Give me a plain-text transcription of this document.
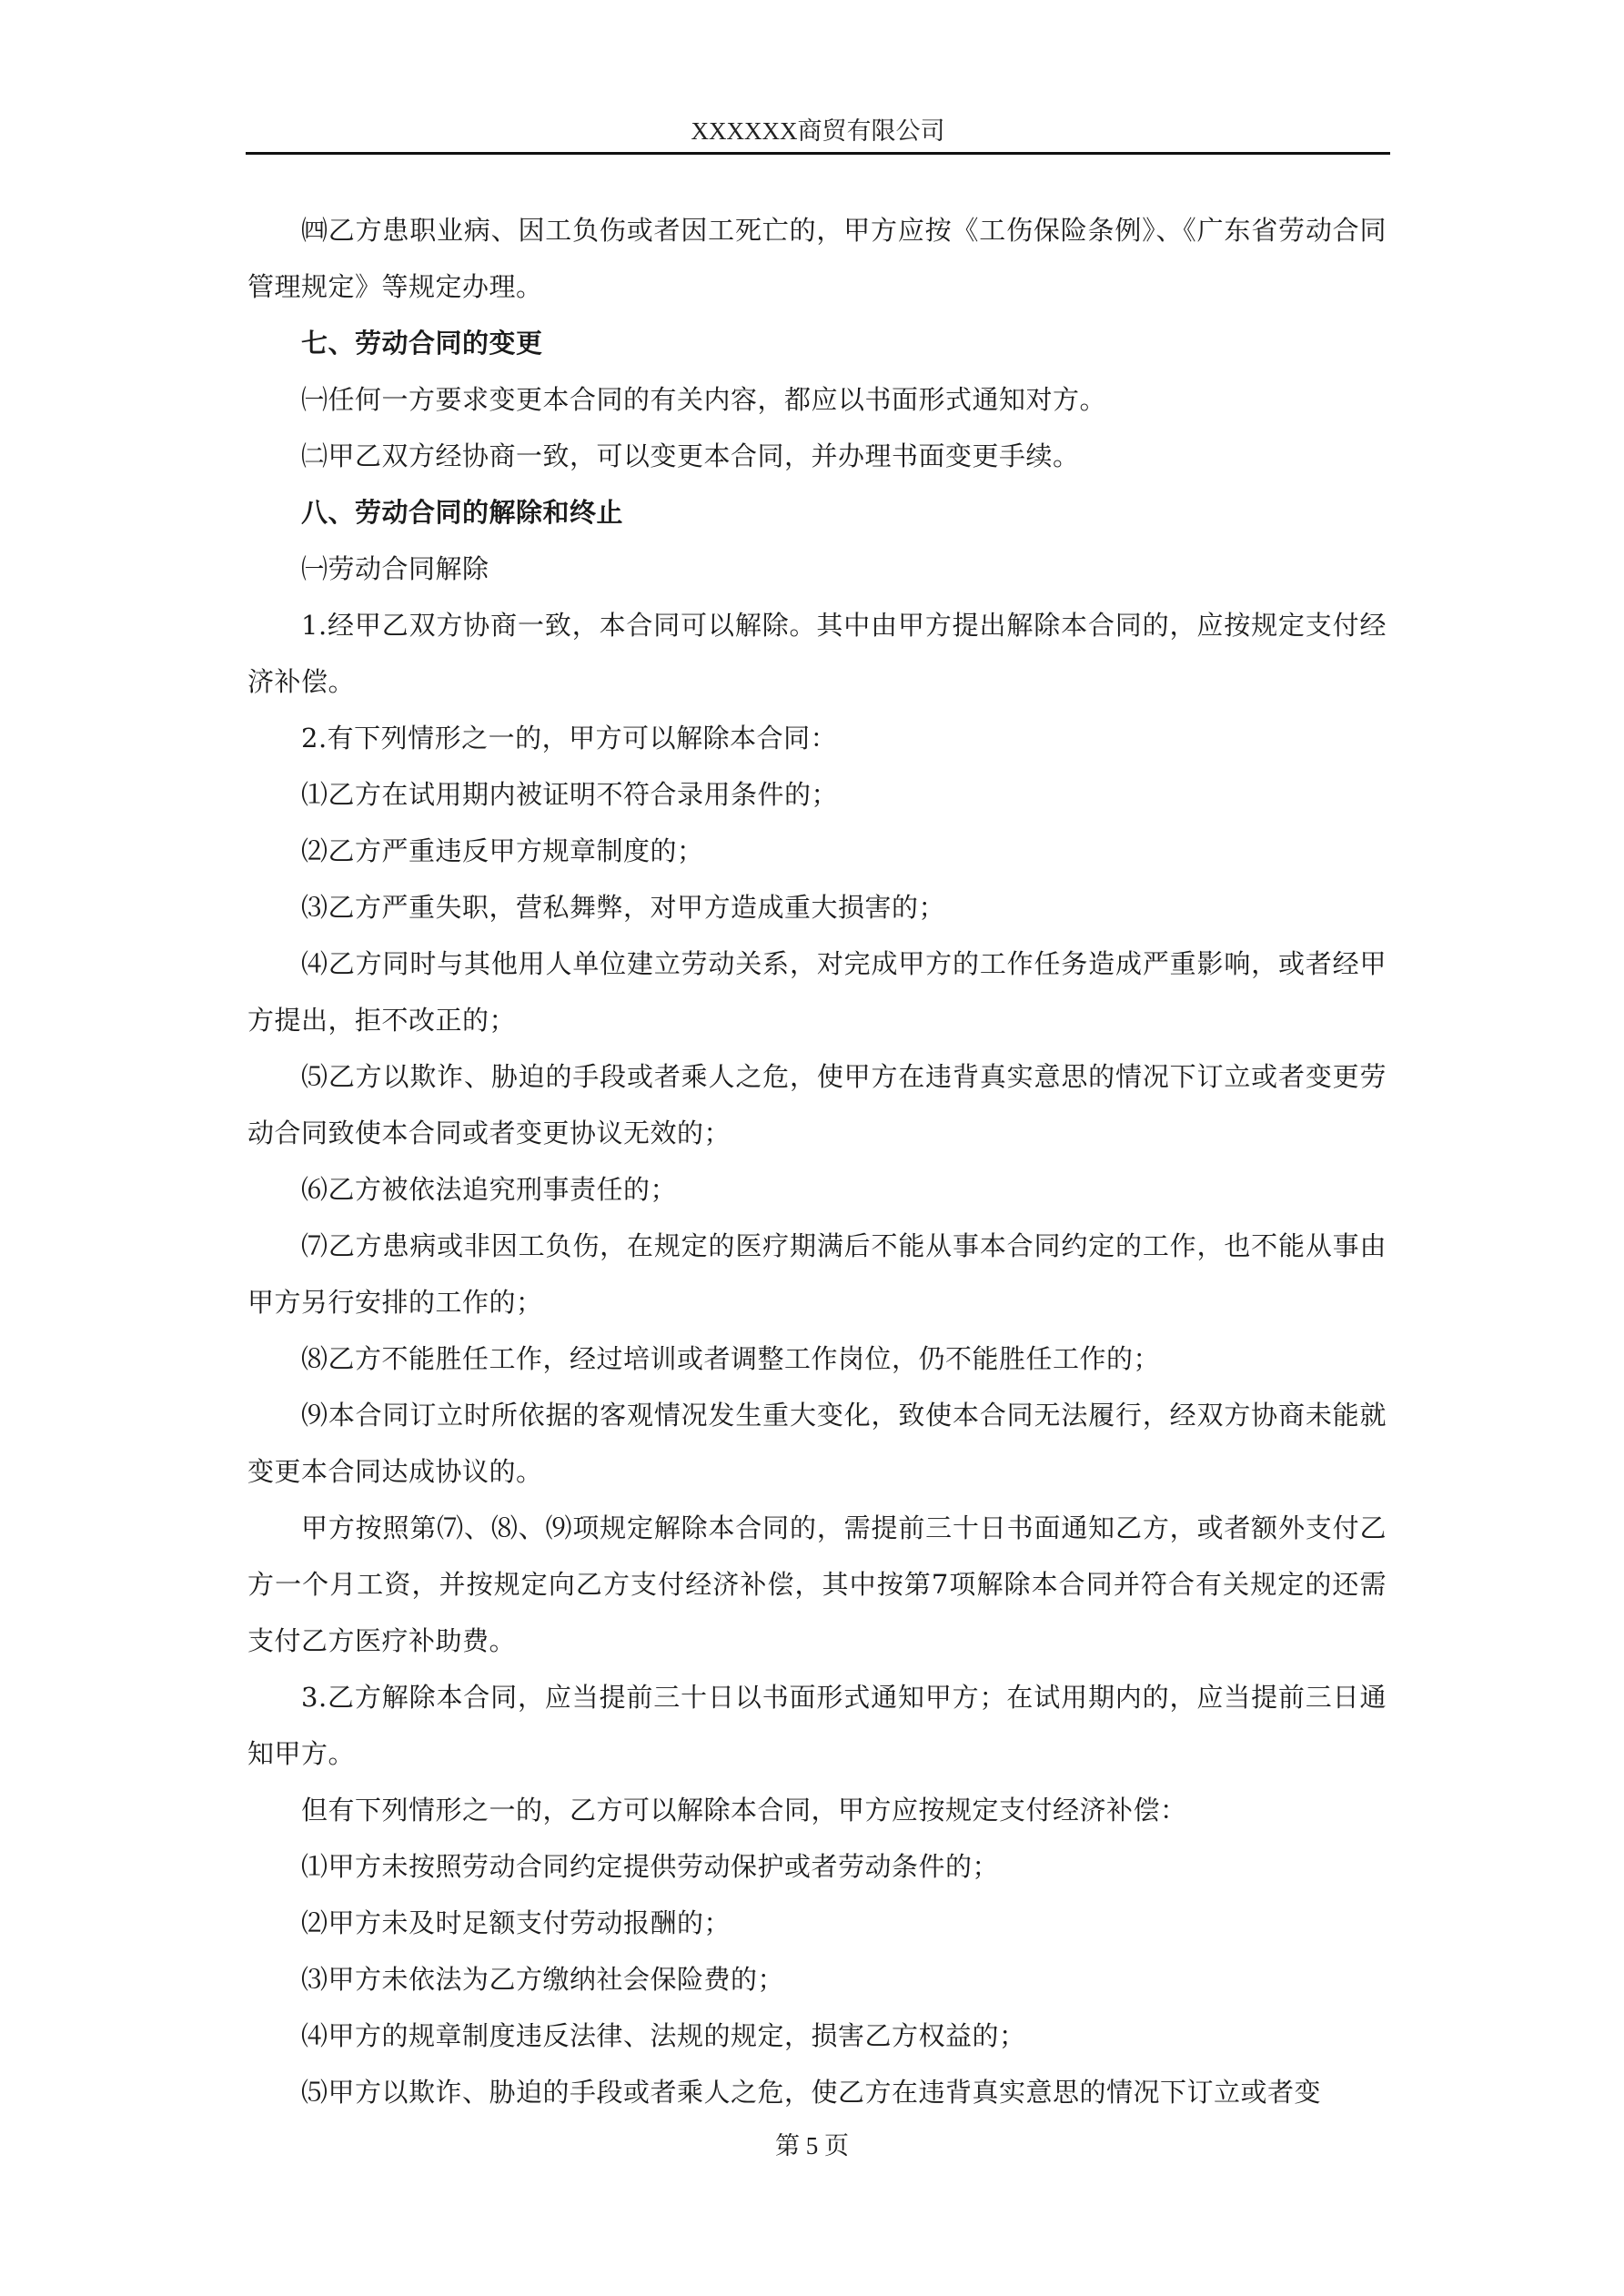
XXXXXX商贸有限公司

㈣乙方患职业病、因工负伤或者因工死亡的，甲方应按《工伤保险条例》、《广东省劳动合同管理规定》等规定办理。

七、劳动合同的变更

㈠任何一方要求变更本合同的有关内容，都应以书面形式通知对方。

㈡甲乙双方经协商一致，可以变更本合同，并办理书面变更手续。

八、劳动合同的解除和终止

㈠劳动合同解除

1.经甲乙双方协商一致，本合同可以解除。其中由甲方提出解除本合同的，应按规定支付经济补偿。

2.有下列情形之一的，甲方可以解除本合同：

⑴乙方在试用期内被证明不符合录用条件的；

⑵乙方严重违反甲方规章制度的；

⑶乙方严重失职，营私舞弊，对甲方造成重大损害的；

⑷乙方同时与其他用人单位建立劳动关系，对完成甲方的工作任务造成严重影响，或者经甲方提出，拒不改正的；

⑸乙方以欺诈、胁迫的手段或者乘人之危，使甲方在违背真实意思的情况下订立或者变更劳动合同致使本合同或者变更协议无效的；

⑹乙方被依法追究刑事责任的；

⑺乙方患病或非因工负伤，在规定的医疗期满后不能从事本合同约定的工作，也不能从事由甲方另行安排的工作的；

⑻乙方不能胜任工作，经过培训或者调整工作岗位，仍不能胜任工作的；

⑼本合同订立时所依据的客观情况发生重大变化，致使本合同无法履行，经双方协商未能就变更本合同达成协议的。

甲方按照第⑺、⑻、⑼项规定解除本合同的，需提前三十日书面通知乙方，或者额外支付乙方一个月工资，并按规定向乙方支付经济补偿，其中按第7项解除本合同并符合有关规定的还需支付乙方医疗补助费。

3.乙方解除本合同，应当提前三十日以书面形式通知甲方；在试用期内的，应当提前三日通知甲方。

但有下列情形之一的，乙方可以解除本合同，甲方应按规定支付经济补偿：

⑴甲方未按照劳动合同约定提供劳动保护或者劳动条件的；

⑵甲方未及时足额支付劳动报酬的；

⑶甲方未依法为乙方缴纳社会保险费的；

⑷甲方的规章制度违反法律、法规的规定，损害乙方权益的；

⑸甲方以欺诈、胁迫的手段或者乘人之危，使乙方在违背真实意思的情况下订立或者变

第 5 页
